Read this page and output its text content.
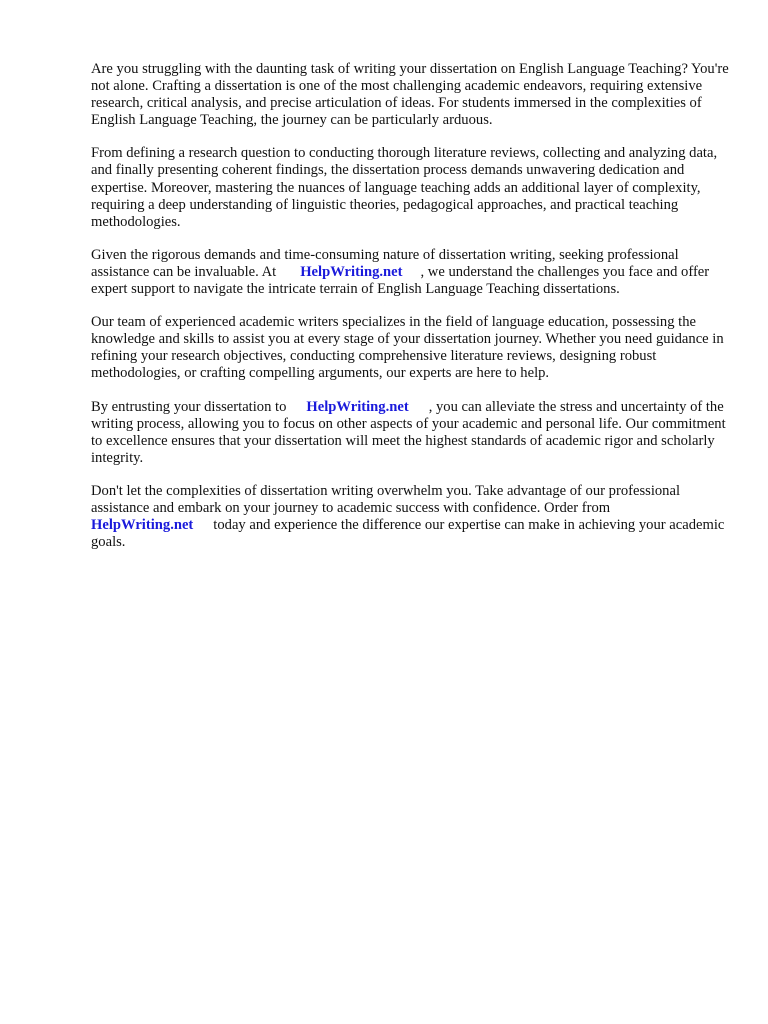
Are you struggling with the daunting task of writing your dissertation on English Language Teaching? You're not alone. Crafting a dissertation is one of the most challenging academic endeavors, requiring extensive research, critical analysis, and precise articulation of ideas. For students immersed in the complexities of English Language Teaching, the journey can be particularly arduous.

From defining a research question to conducting thorough literature reviews, collecting and analyzing data, and finally presenting coherent findings, the dissertation process demands unwavering dedication and expertise. Moreover, mastering the nuances of language teaching adds an additional layer of complexity, requiring a deep understanding of linguistic theories, pedagogical approaches, and practical teaching methodologies.

Given the rigorous demands and time-consuming nature of dissertation writing, seeking professional assistance can be invaluable. At HelpWriting.net , we understand the challenges you face and offer expert support to navigate the intricate terrain of English Language Teaching dissertations.

Our team of experienced academic writers specializes in the field of language education, possessing the knowledge and skills to assist you at every stage of your dissertation journey. Whether you need guidance in refining your research objectives, conducting comprehensive literature reviews, designing robust methodologies, or crafting compelling arguments, our experts are here to help.

By entrusting your dissertation to HelpWriting.net , you can alleviate the stress and uncertainty of the writing process, allowing you to focus on other aspects of your academic and personal life. Our commitment to excellence ensures that your dissertation will meet the highest standards of academic rigor and scholarly integrity.

Don't let the complexities of dissertation writing overwhelm you. Take advantage of our professional assistance and embark on your journey to academic success with confidence. Order from HelpWriting.net today and experience the difference our expertise can make in achieving your academic goals.
